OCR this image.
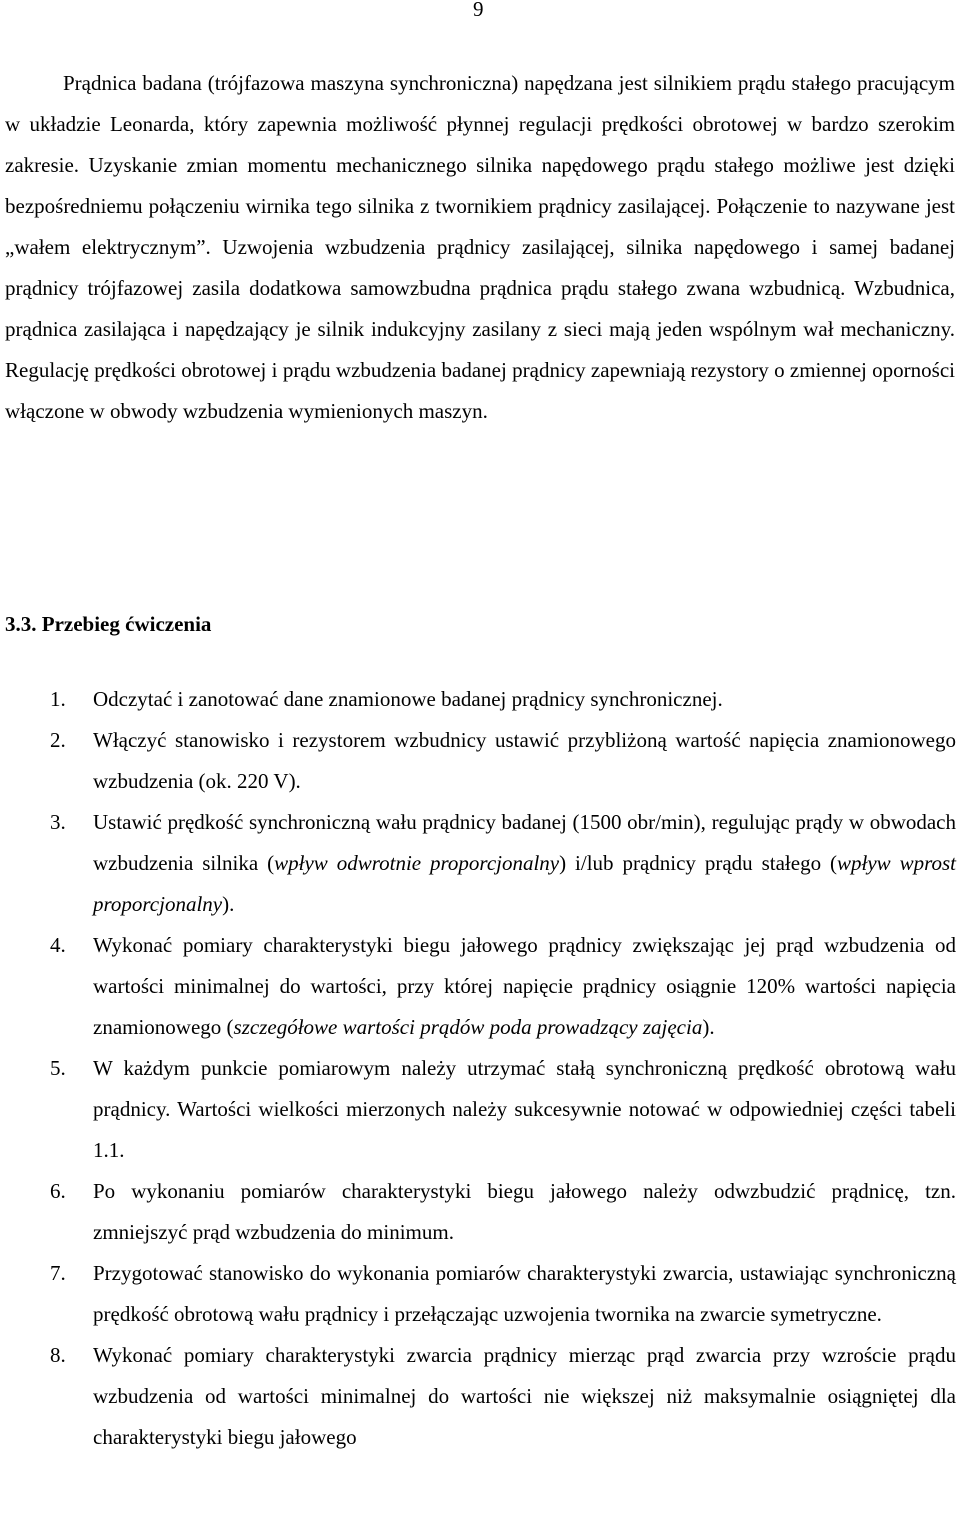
9

Prądnica badana (trójfazowa maszyna synchroniczna) napędzana jest silnikiem prądu stałego pracującym w układzie Leonarda, który zapewnia możliwość płynnej regulacji prędkości obrotowej w bardzo szerokim zakresie. Uzyskanie zmian momentu mechanicznego silnika napędowego prądu stałego możliwe jest dzięki bezpośredniemu połączeniu wirnika tego silnika z twornikiem prądnicy zasilającej. Połączenie to nazywane jest „wałem elektrycznym”. Uzwojenia wzbudzenia prądnicy zasilającej, silnika napędowego i samej badanej prądnicy trójfazowej zasila dodatkowa samowzbudna prądnica prądu stałego zwana wzbudnicą. Wzbudnica, prądnica zasilająca i napędzający je silnik indukcyjny zasilany z sieci mają jeden wspólnym wał mechaniczny. Regulację prędkości obrotowej i prądu wzbudzenia badanej prądnicy zapewniają rezystory o zmiennej oporności włączone w obwody wzbudzenia wymienionych maszyn.

3.3. Przebieg ćwiczenia
1. Odczytać i zanotować dane znamionowe badanej prądnicy synchronicznej.
2. Włączyć stanowisko i rezystorem wzbudnicy ustawić przybliżoną wartość napięcia znamionowego wzbudzenia (ok. 220 V).
3. Ustawić prędkość synchroniczną wału prądnicy badanej (1500 obr/min), regulując prądy w obwodach wzbudzenia silnika (wpływ odwrotnie proporcjonalny) i/lub prądnicy prądu stałego (wpływ wprost proporcjonalny).
4. Wykonać pomiary charakterystyki biegu jałowego prądnicy zwiększając jej prąd wzbudzenia od wartości minimalnej do wartości, przy której napięcie prądnicy osiągnie 120% wartości napięcia znamionowego (szczegółowe wartości prądów poda prowadzący zajęcia).
5. W każdym punkcie pomiarowym należy utrzymać stałą synchroniczną prędkość obrotową wału prądnicy. Wartości wielkości mierzonych należy sukcesywnie notować w odpowiedniej części tabeli 1.1.
6. Po wykonaniu pomiarów charakterystyki biegu jałowego należy odwzbudzić prądnicę, tzn. zmniejszyć prąd wzbudzenia do minimum.
7. Przygotować stanowisko do wykonania pomiarów charakterystyki zwarcia, ustawiając synchroniczną prędkość obrotową wału prądnicy i przełączając uzwojenia twornika na zwarcie symetryczne.
8. Wykonać pomiary charakterystyki zwarcia prądnicy mierząc prąd zwarcia przy wzroście prądu wzbudzenia od wartości minimalnej do wartości nie większej niż maksymalnie osiągniętej dla charakterystyki biegu jałowego
